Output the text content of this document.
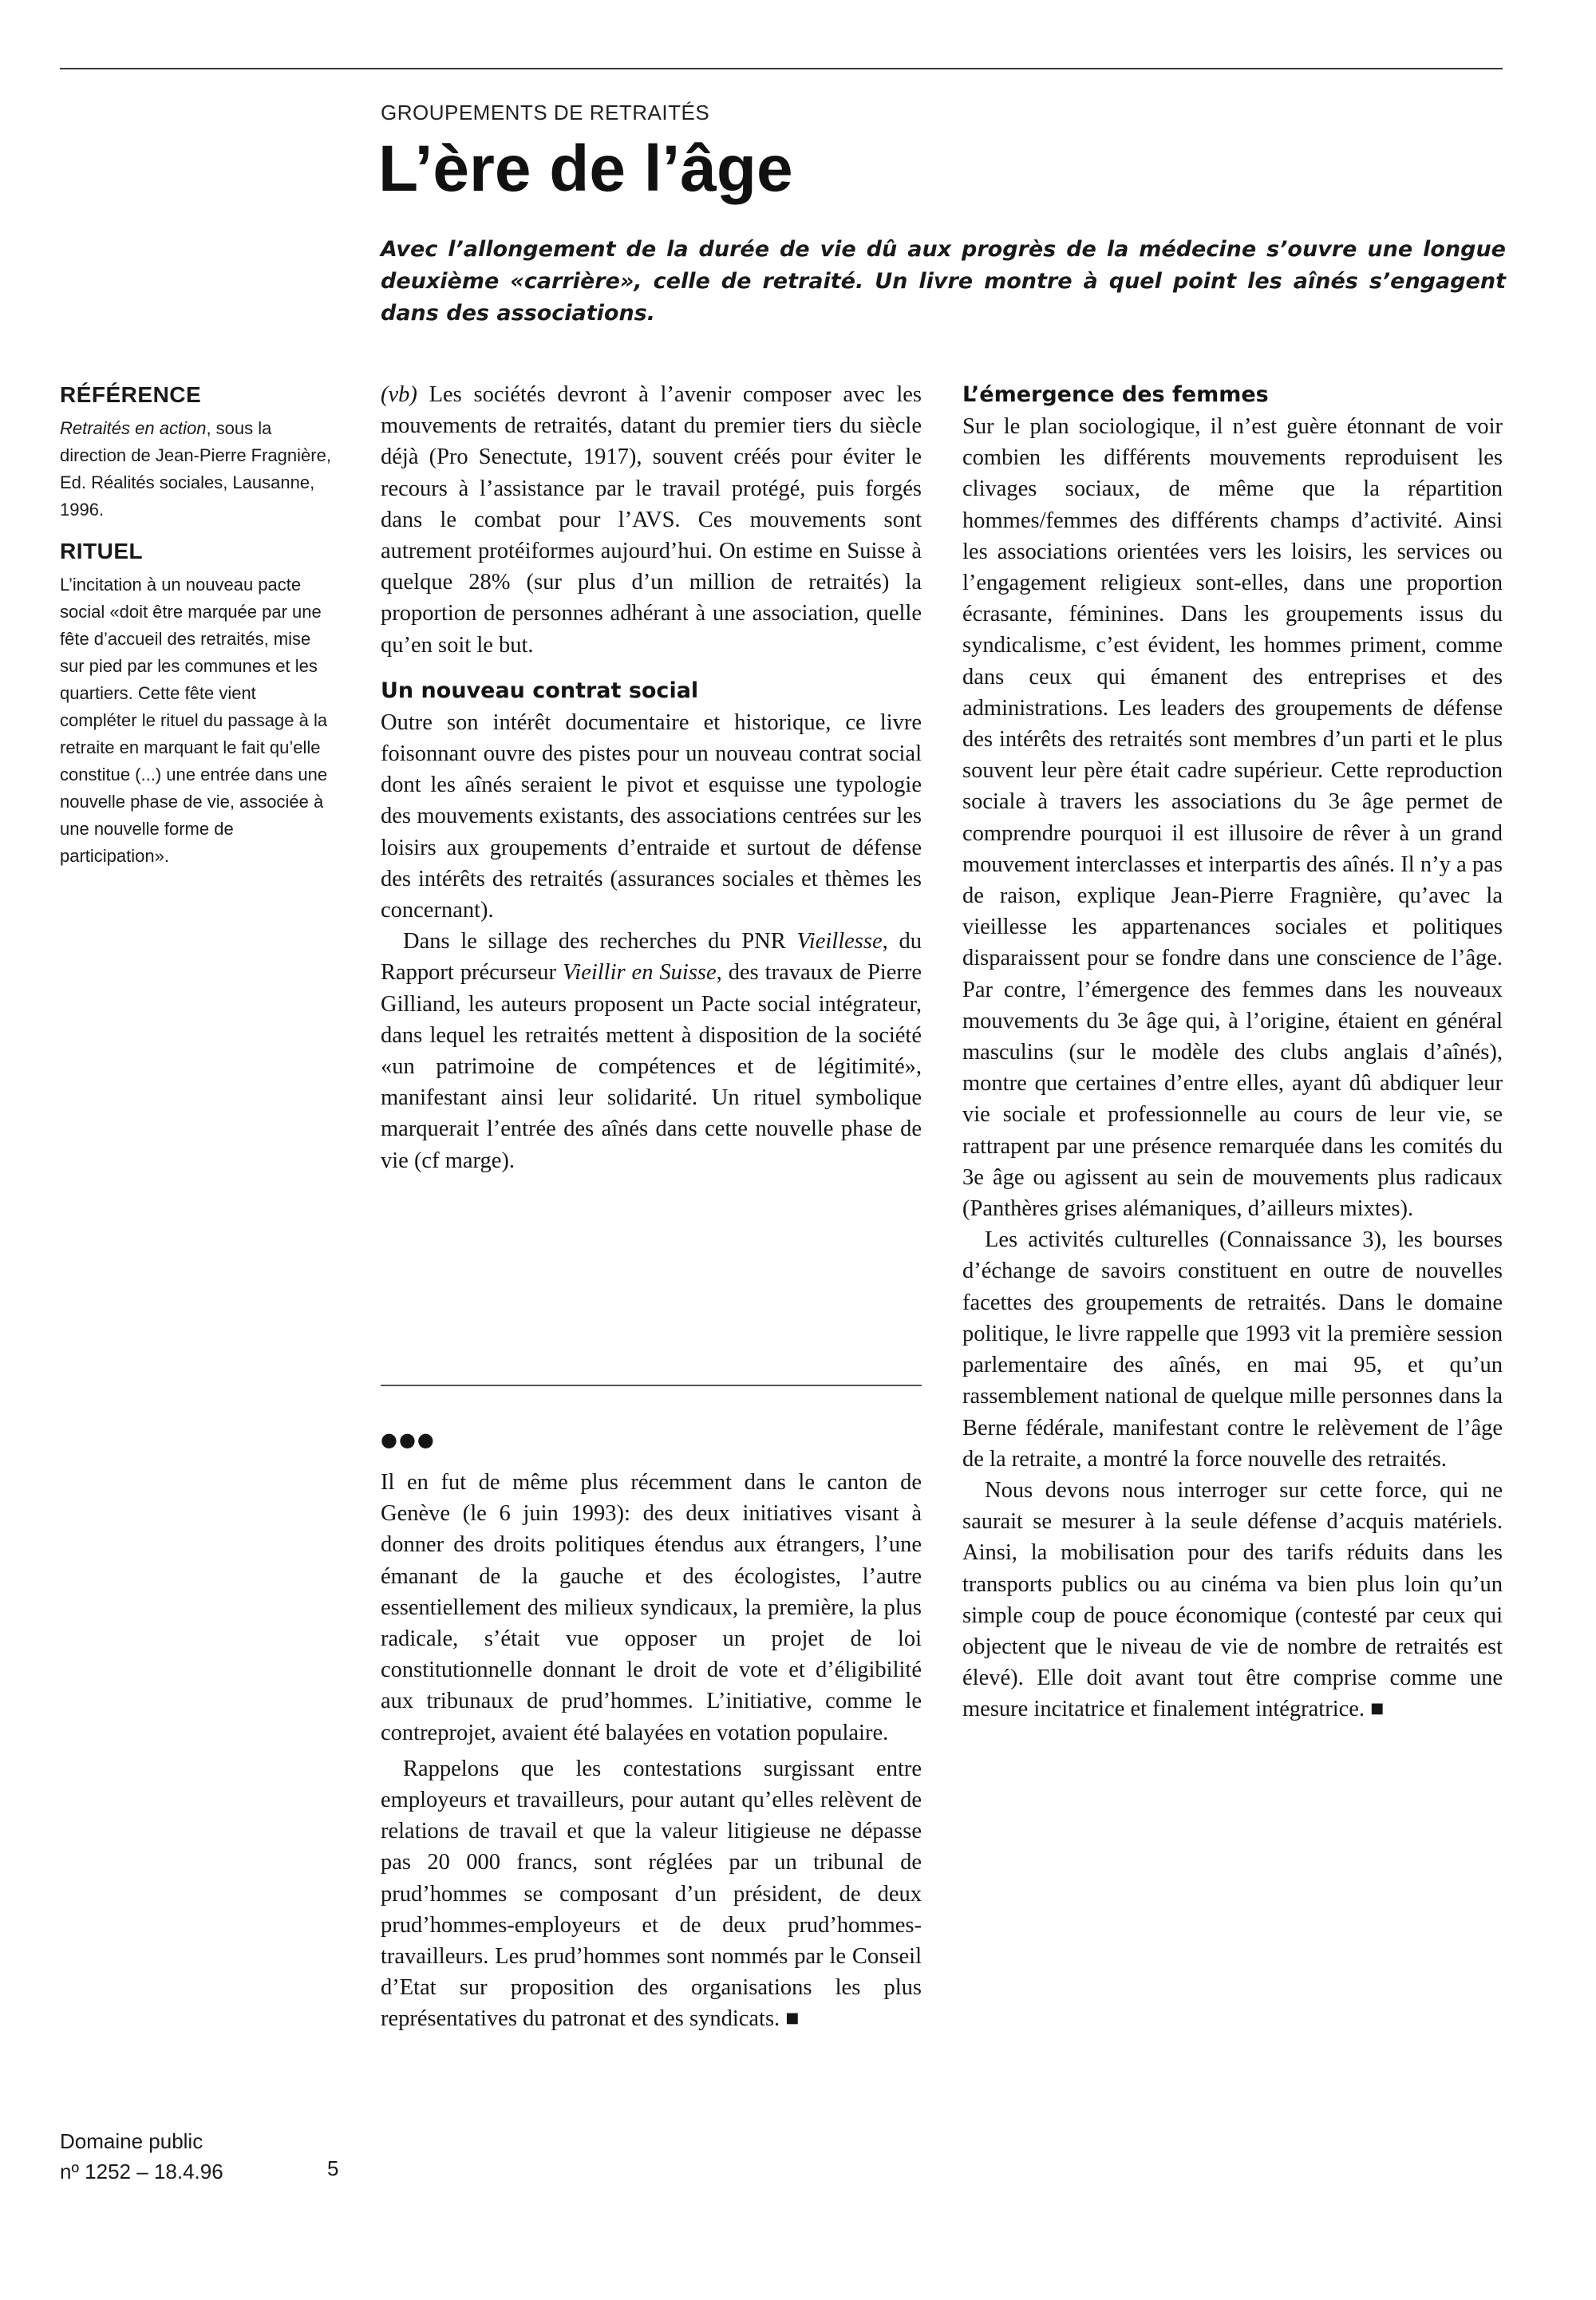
GROUPEMENTS DE RETRAITÉS
L’ère de l’âge

Avec l’allongement de la durée de vie dû aux progrès de la médecine s’ouvre une longue deuxième «carrière», celle de retraité. Un livre montre à quel point les aînés s’engagent dans des associations.

RÉFÉRENCE

Retraités en action, sous la direction de Jean-Pierre Fragnière, Ed. Réalités sociales, Lausanne, 1996.

RITUEL

L’incitation à un nouveau pacte social «doit être marquée par une fête d’accueil des retraités, mise sur pied par les communes et les quartiers. Cette fête vient compléter le rituel du passage à la retraite en marquant le fait qu’elle constitue (...) une entrée dans une nouvelle phase de vie, associée à une nouvelle forme de participation».

(vb) Les sociétés devront à l’avenir composer avec les mouvements de retraités, datant du premier tiers du siècle déjà (Pro Senectute, 1917), souvent créés pour éviter le recours à l’assistance par le travail protégé, puis forgés dans le combat pour l’AVS. Ces mouvements sont autrement protéiformes aujourd’hui. On estime en Suisse à quelque 28% (sur plus d’un million de retraités) la proportion de personnes adhérant à une association, quelle qu’en soit le but.

Un nouveau contrat social

Outre son intérêt documentaire et historique, ce livre foisonnant ouvre des pistes pour un nouveau contrat social dont les aînés seraient le pivot et esquisse une typologie des mouvements existants, des associations centrées sur les loisirs aux groupements d’entraide et surtout de défense des intérêts des retraités (assurances sociales et thèmes les concernant).

Dans le sillage des recherches du PNR Vieillesse, du Rapport précurseur Vieillir en Suisse, des travaux de Pierre Gilliand, les auteurs proposent un Pacte social intégrateur, dans lequel les retraités mettent à disposition de la société «un patrimoine de compétences et de légitimité», manifestant ainsi leur solidarité. Un rituel symbolique marquerait l’entrée des aînés dans cette nouvelle phase de vie (cf marge).

●●●

Il en fut de même plus récemment dans le canton de Genève (le 6 juin 1993): des deux initiatives visant à donner des droits politiques étendus aux étrangers, l’une émanant de la gauche et des écologistes, l’autre essentiellement des milieux syndicaux, la première, la plus radicale, s’était vue opposer un projet de loi constitutionnelle donnant le droit de vote et d’éligibilité aux tribunaux de prud’hommes. L’initiative, comme le contreprojet, avaient été balayées en votation populaire.

Rappelons que les contestations surgissant entre employeurs et travailleurs, pour autant qu’elles relèvent de relations de travail et que la valeur litigieuse ne dépasse pas 20 000 francs, sont réglées par un tribunal de prud’hommes se composant d’un président, de deux prud’hommes-employeurs et de deux prud’hommes-travailleurs. Les prud’hommes sont nommés par le Conseil d’Etat sur proposition des organisations les plus représentatives du patronat et des syndicats. ■

L’émergence des femmes

Sur le plan sociologique, il n’est guère étonnant de voir combien les différents mouvements reproduisent les clivages sociaux, de même que la répartition hommes/femmes des différents champs d’activité. Ainsi les associations orientées vers les loisirs, les services ou l’engagement religieux sont-elles, dans une proportion écrasante, féminines. Dans les groupements issus du syndicalisme, c’est évident, les hommes priment, comme dans ceux qui émanent des entreprises et des administrations. Les leaders des groupements de défense des intérêts des retraités sont membres d’un parti et le plus souvent leur père était cadre supérieur. Cette reproduction sociale à travers les associations du 3e âge permet de comprendre pourquoi il est illusoire de rêver à un grand mouvement interclasses et interpartis des aînés. Il n’y a pas de raison, explique Jean-Pierre Fragnière, qu’avec la vieillesse les appartenances sociales et politiques disparaissent pour se fondre dans une conscience de l’âge. Par contre, l’émergence des femmes dans les nouveaux mouvements du 3e âge qui, à l’origine, étaient en général masculins (sur le modèle des clubs anglais d’aînés), montre que certaines d’entre elles, ayant dû abdiquer leur vie sociale et professionnelle au cours de leur vie, se rattrapent par une présence remarquée dans les comités du 3e âge ou agissent au sein de mouvements plus radicaux (Panthères grises alémaniques, d’ailleurs mixtes).

Les activités culturelles (Connaissance 3), les bourses d’échange de savoirs constituent en outre de nouvelles facettes des groupements de retraités. Dans le domaine politique, le livre rappelle que 1993 vit la première session parlementaire des aînés, en mai 95, et qu’un rassemblement national de quelque mille personnes dans la Berne fédérale, manifestant contre le relèvement de l’âge de la retraite, a montré la force nouvelle des retraités.

Nous devons nous interroger sur cette force, qui ne saurait se mesurer à la seule défense d’acquis matériels. Ainsi, la mobilisation pour des tarifs réduits dans les transports publics ou au cinéma va bien plus loin qu’un simple coup de pouce économique (contesté par ceux qui objectent que le niveau de vie de nombre de retraités est élevé). Elle doit avant tout être comprise comme une mesure incitatrice et finalement intégratrice. ■

Domaine public
nº 1252 – 18.4.96	5
